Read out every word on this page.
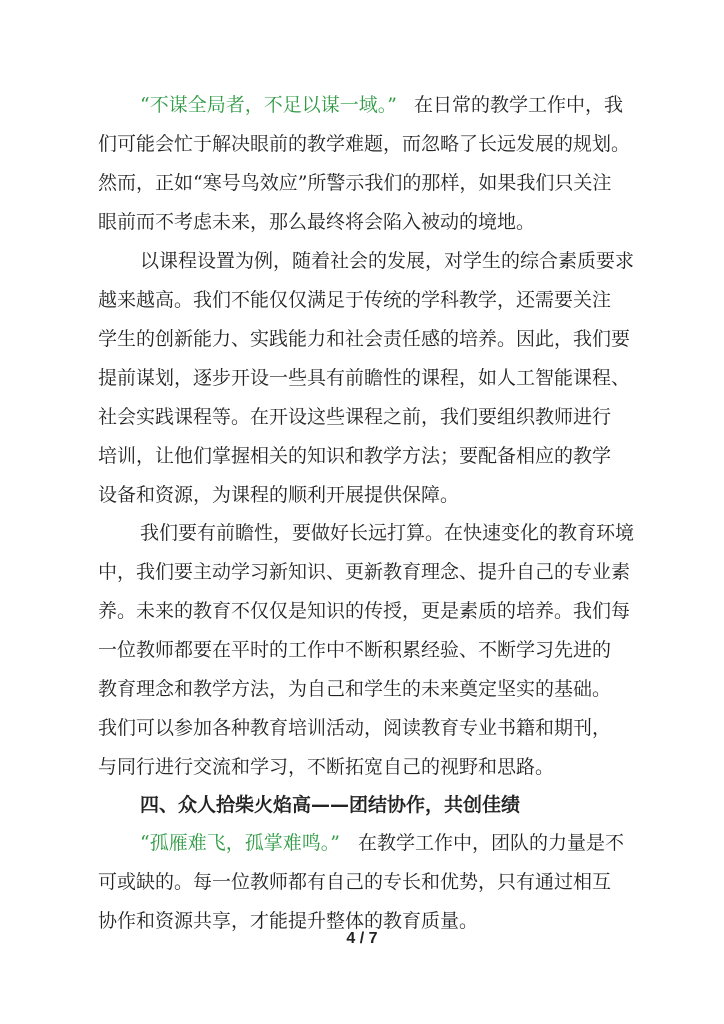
“不谋全局者，不足以谋一域。” 在日常的教学工作中，我
们可能会忙于解决眼前的教学难题，而忽略了长远发展的规划。
然而，正如“寒号鸟效应”所警示我们的那样，如果我们只关注
眼前而不考虑未来，那么最终将会陷入被动的境地。
以课程设置为例，随着社会的发展，对学生的综合素质要求
越来越高。我们不能仅仅满足于传统的学科教学，还需要关注
学生的创新能力、实践能力和社会责任感的培养。因此，我们要
提前谋划，逐步开设一些具有前瞻性的课程，如人工智能课程、
社会实践课程等。在开设这些课程之前，我们要组织教师进行
培训，让他们掌握相关的知识和教学方法；要配备相应的教学
设备和资源，为课程的顺利开展提供保障。
我们要有前瞻性，要做好长远打算。在快速变化的教育环境
中，我们要主动学习新知识、更新教育理念、提升自己的专业素
养。未来的教育不仅仅是知识的传授，更是素质的培养。我们每
一位教师都要在平时的工作中不断积累经验、不断学习先进的
教育理念和教学方法，为自己和学生的未来奠定坚实的基础。
我们可以参加各种教育培训活动，阅读教育专业书籍和期刊，
与同行进行交流和学习，不断拓宽自己的视野和思路。
四、众人拾柴火焰高——团结协作，共创佳绩
“孤雁难飞，孤掌难鸣。” 在教学工作中，团队的力量是不
可或缺的。每一位教师都有自己的专长和优势，只有通过相互
协作和资源共享，才能提升整体的教育质量。
4 / 7
